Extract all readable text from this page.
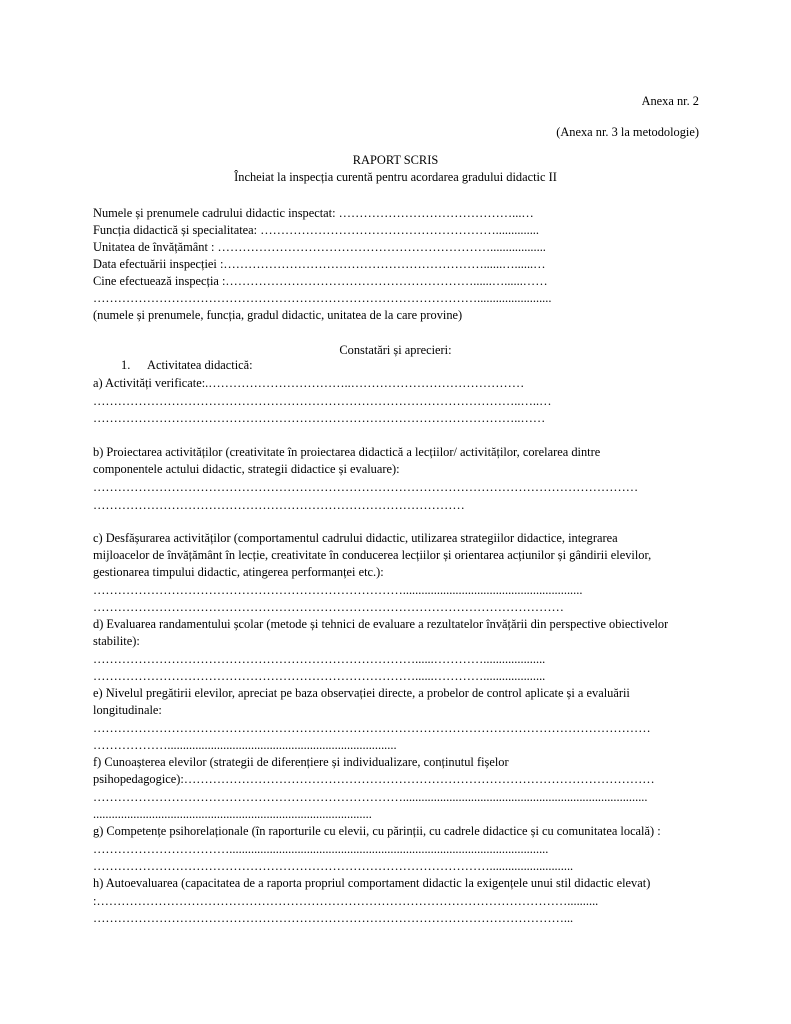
Anexa nr. 2
(Anexa nr. 3 la metodologie)
RAPORT SCRIS
Încheiat la inspecția curentă pentru acordarea gradului didactic II
Numele și prenumele cadrului didactic inspectat: ……………………………………...…
Funcția didactică și specialitatea: …………………………………………………..............
Unitatea de învățământ : …………………………………………………………..................
Data efectuării inspecției :………………………………………………………......…......…
Cine efectuează inspecția :……………………………………………………......…......……
…………………………………………………………………………………........................
(numele și prenumele, funcția, gradul didactic, unitatea de la care provine)
Constatări și aprecieri:
1. Activitatea didactică:
a) Activități verificate:.……………………………..……………………………………
…………………………………………………………………………………………..…..…
…………………………………………………………………………………………..……
b) Proiectarea activităților (creativitate în proiectarea didactică a lecțiilor/ activităților, corelarea dintre
componentele actului didactic, strategii didactice și evaluare):
……………………………………………………………………………………………………………………
………………………………………………………………………………
c) Desfășurarea activităților (comportamentul cadrului didactic, utilizarea strategiilor didactice, integrarea
mijloacelor de învățământ în lecție, creativitate în conducerea lecțiilor și orientarea acțiunilor și gândirii elevilor,
gestionarea timpului didactic, atingerea performanței etc.):
…………………………………………………………………..........................................................
……………………………………………………………………………………………………
d) Evaluarea randamentului școlar (metode și tehnici de evaluare a rezultatelor învățării din perspective obiectivelor
stabilite):
……………………………………………………………………......…………....................
……………………………………………………………………......…………....................
e) Nivelul pregătirii elevilor, apreciat pe baza observației directe, a probelor de control aplicate și a evaluării
longitudinale:
………………………………………………………………………………………………………………………
………………..........................................................................
f) Cunoașterea elevilor (strategii de diferențiere și individualizare, conținutul fișelor
psihopedagogice):……………………………………………………………………………………………………
…………………………………………………………………...............................................................................
..........................................................................................
g) Competențe psihorelaționale (în raporturile cu elevii, cu părinții, cu cadrele didactice și cu comunitatea locală) :
…………………………….......................................................................................................
……………………………………………………………………………………...........................
h) Autoevaluarea (capacitatea de a raporta propriul comportament didactic la exigențele unui stil didactic elevat)
:……………………………………………………………………………………………………..........
……………………………………………………………………………………………………...
